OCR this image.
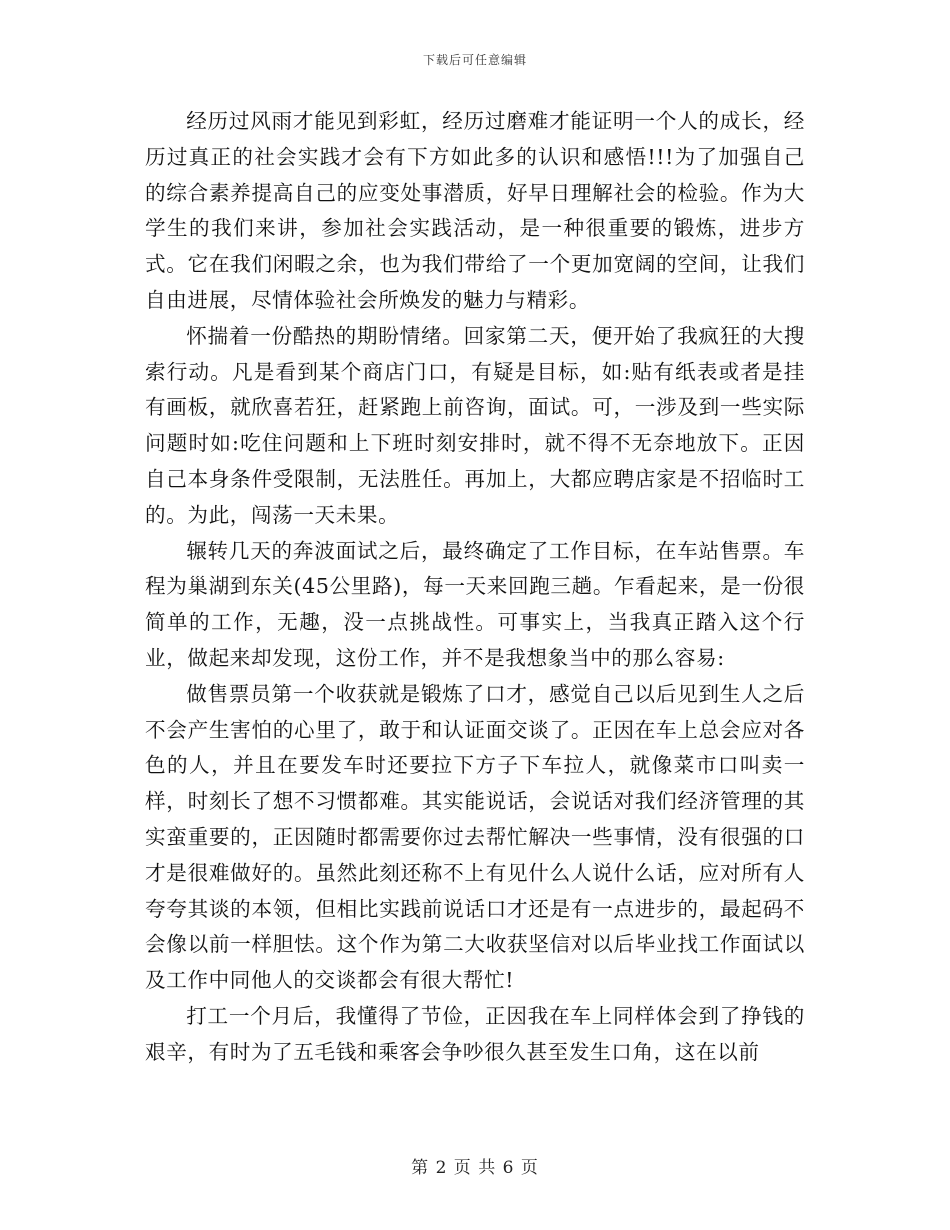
下载后可任意编辑

经历过风雨才能见到彩虹，经历过磨难才能证明一个人的成长，经历过真正的社会实践才会有下方如此多的认识和感悟!!!为了加强自己的综合素养提高自己的应变处事潜质，好早日理解社会的检验。作为大学生的我们来讲，参加社会实践活动，是一种很重要的锻炼，进步方式。它在我们闲暇之余，也为我们带给了一个更加宽阔的空间，让我们自由进展，尽情体验社会所焕发的魅力与精彩。

怀揣着一份酷热的期盼情绪。回家第二天，便开始了我疯狂的大搜索行动。凡是看到某个商店门口，有疑是目标，如:贴有纸表或者是挂有画板，就欣喜若狂，赶紧跑上前咨询，面试。可，一涉及到一些实际问题时如:吃住问题和上下班时刻安排时，就不得不无奈地放下。正因自己本身条件受限制，无法胜任。再加上，大都应聘店家是不招临时工的。为此，闯荡一天未果。

辗转几天的奔波面试之后，最终确定了工作目标，在车站售票。车程为巢湖到东关(45公里路)，每一天来回跑三趟。乍看起来，是一份很简单的工作，无趣，没一点挑战性。可事实上，当我真正踏入这个行业，做起来却发现，这份工作，并不是我想象当中的那么容易:

做售票员第一个收获就是锻炼了口才，感觉自己以后见到生人之后不会产生害怕的心里了，敢于和认证面交谈了。正因在车上总会应对各色的人，并且在要发车时还要拉下方子下车拉人，就像菜市口叫卖一样，时刻长了想不习惯都难。其实能说话，会说话对我们经济管理的其实蛮重要的，正因随时都需要你过去帮忙解决一些事情，没有很强的口才是很难做好的。虽然此刻还称不上有见什么人说什么话，应对所有人夸夸其谈的本领，但相比实践前说话口才还是有一点进步的，最起码不会像以前一样胆怯。这个作为第二大收获坚信对以后毕业找工作面试以及工作中同他人的交谈都会有很大帮忙!

打工一个月后，我懂得了节俭，正因我在车上同样体会到了挣钱的艰辛，有时为了五毛钱和乘客会争吵很久甚至发生口角，这在以前

第 2 页 共 6 页
